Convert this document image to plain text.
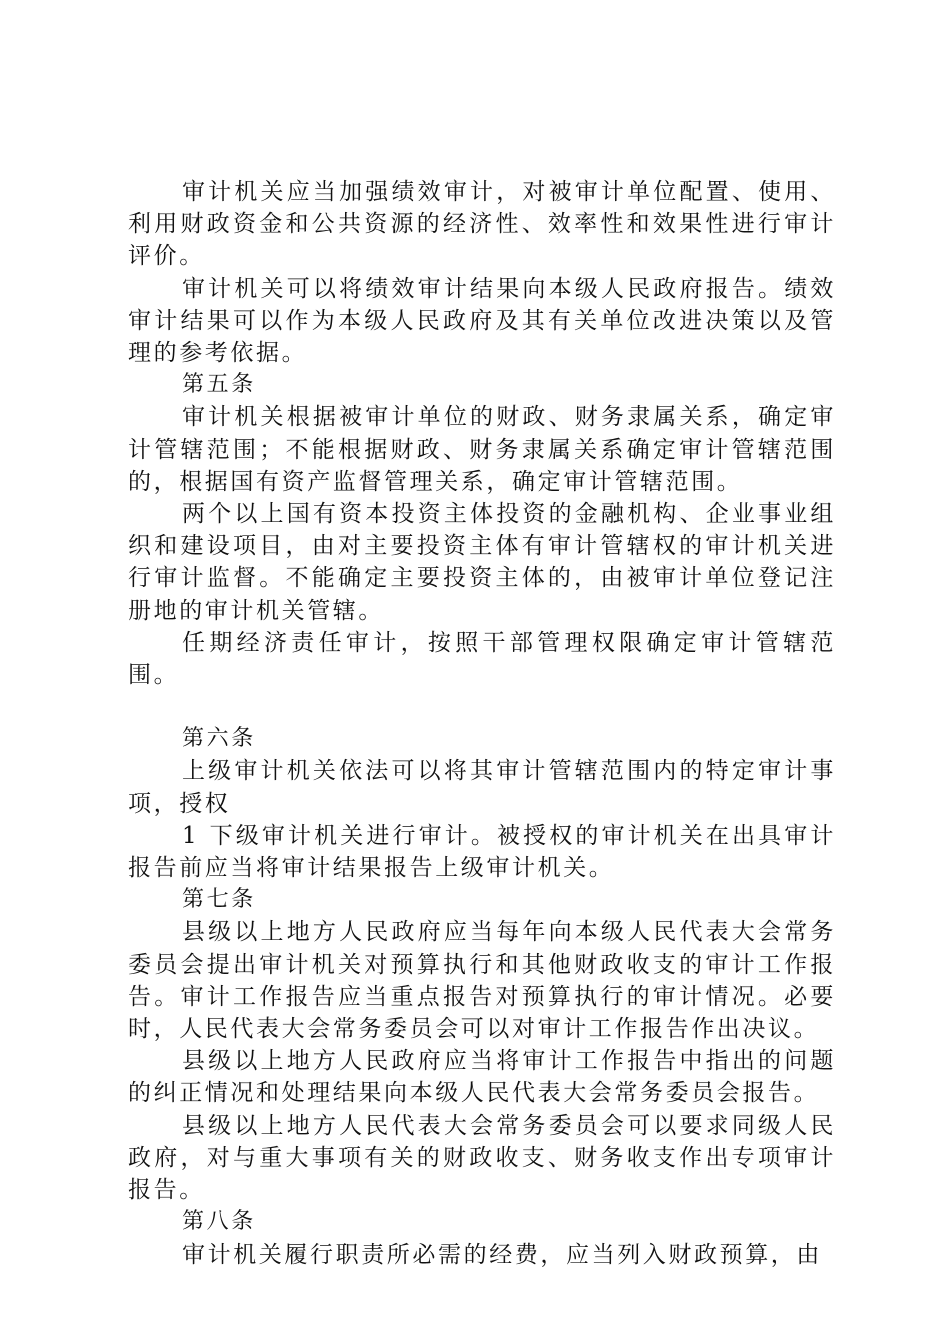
审计机关应当加强绩效审计，对被审计单位配置、使用、利用财政资金和公共资源的经济性、效率性和效果性进行审计评价。

审计机关可以将绩效审计结果向本级人民政府报告。绩效审计结果可以作为本级人民政府及其有关单位改进决策以及管理的参考依据。

第五条

审计机关根据被审计单位的财政、财务隶属关系，确定审计管辖范围；不能根据财政、财务隶属关系确定审计管辖范围的，根据国有资产监督管理关系，确定审计管辖范围。

两个以上国有资本投资主体投资的金融机构、企业事业组织和建设项目，由对主要投资主体有审计管辖权的审计机关进行审计监督。不能确定主要投资主体的，由被审计单位登记注册地的审计机关管辖。

任期经济责任审计，按照干部管理权限确定审计管辖范围。

第六条

上级审计机关依法可以将其审计管辖范围内的特定审计事项，授权

1 下级审计机关进行审计。被授权的审计机关在出具审计报告前应当将审计结果报告上级审计机关。

第七条

县级以上地方人民政府应当每年向本级人民代表大会常务委员会提出审计机关对预算执行和其他财政收支的审计工作报告。审计工作报告应当重点报告对预算执行的审计情况。必要时，人民代表大会常务委员会可以对审计工作报告作出决议。

县级以上地方人民政府应当将审计工作报告中指出的问题的纠正情况和处理结果向本级人民代表大会常务委员会报告。

县级以上地方人民代表大会常务委员会可以要求同级人民政府，对与重大事项有关的财政收支、财务收支作出专项审计报告。

第八条

审计机关履行职责所必需的经费，应当列入财政预算，由
